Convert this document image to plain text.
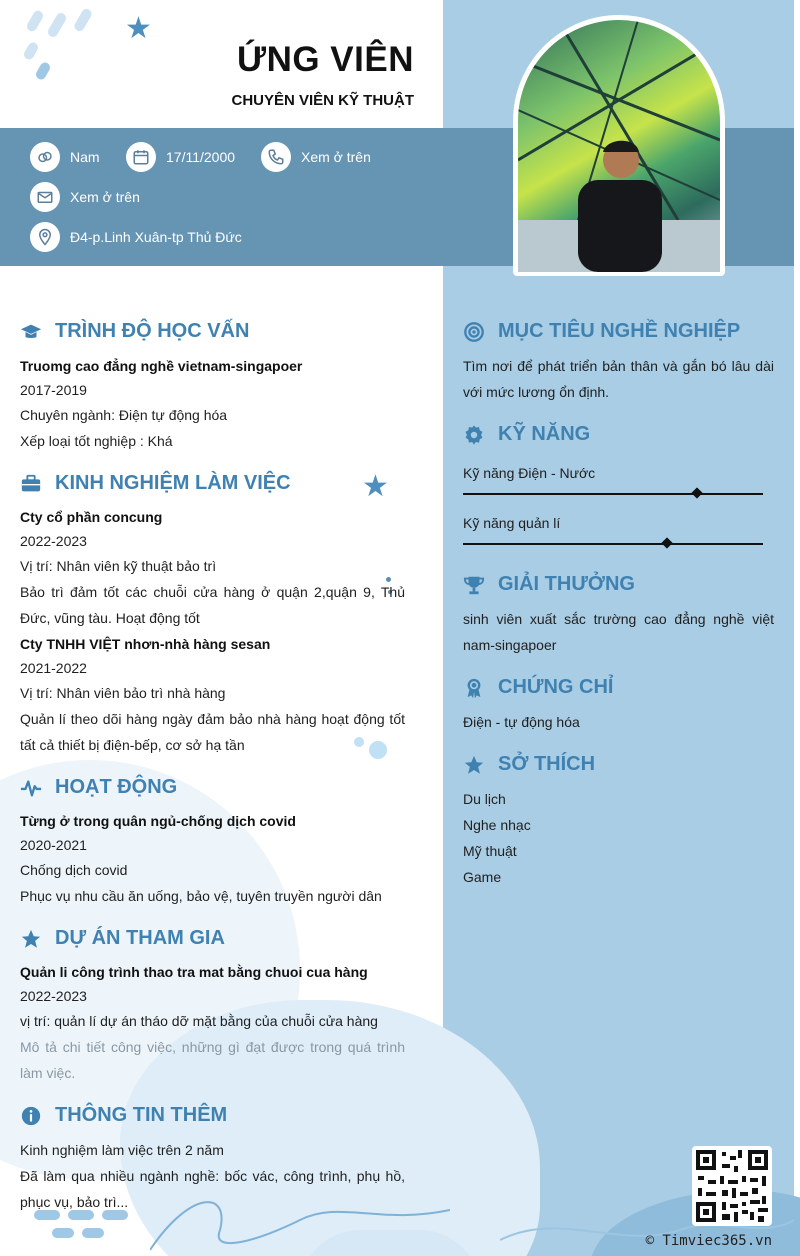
★
★
ỨNG VIÊN
CHUYÊN VIÊN KỸ THUẬT
Nam	17/11/2000	Xem ở trên
Xem ở trên
Đ4-p.Linh Xuân-tp Thủ Đức
TRÌNH ĐỘ HỌC VẤN
Truomg cao đẳng nghề vietnam-singapoer
2017-2019
Chuyên ngành: Điện tự động hóa
Xếp loại tốt nghiệp : Khá
KINH NGHIỆM LÀM VIỆC
Cty cổ phần concung
2022-2023
Vị trí: Nhân viên kỹ thuật bảo trì
Bảo trì đảm tốt các chuỗi cửa hàng ở quận 2,quận 9, Thủ Đức, vũng tàu. Hoạt động tốt
Cty TNHH VIỆT nhơn-nhà hàng sesan
2021-2022
Vị trí: Nhân viên bảo trì nhà hàng
Quản lí theo dõi hàng ngày đảm bảo nhà hàng hoạt động tốt tất cả thiết bị điện-bếp, cơ sở hạ tần
HOẠT ĐỘNG
Từng ở trong quân ngủ-chống dịch covid
2020-2021
Chống dịch covid
Phục vụ nhu cầu ăn uống, bảo vệ, tuyên truyền người dân
DỰ ÁN THAM GIA
Quản li công trình thao tra mat bằng chuoi cua hàng
2022-2023
vị trí: quản lí dự án tháo dỡ mặt bằng của chuỗi cửa hàng
Mô tả chi tiết công việc, những gì đạt được trong quá trình làm việc.
THÔNG TIN THÊM
Kinh nghiệm làm việc trên 2 năm
Đã làm qua nhiều ngành nghề: bốc vác, công trình, phụ hồ, phục vụ, bảo trì...
MỤC TIÊU NGHỀ NGHIỆP
Tìm nơi để phát triển bản thân và gắn bó lâu dài với mức lương ổn định.
KỸ NĂNG
Kỹ năng Điện - Nước
Kỹ năng quản lí
GIẢI THƯỞNG
sinh viên xuất sắc trường cao đẳng nghề việt nam-singapoer
CHỨNG CHỈ
Điện - tự động hóa
SỞ THÍCH
Du lịch
Nghe nhạc
Mỹ thuật
Game
© Timviec365.vn
